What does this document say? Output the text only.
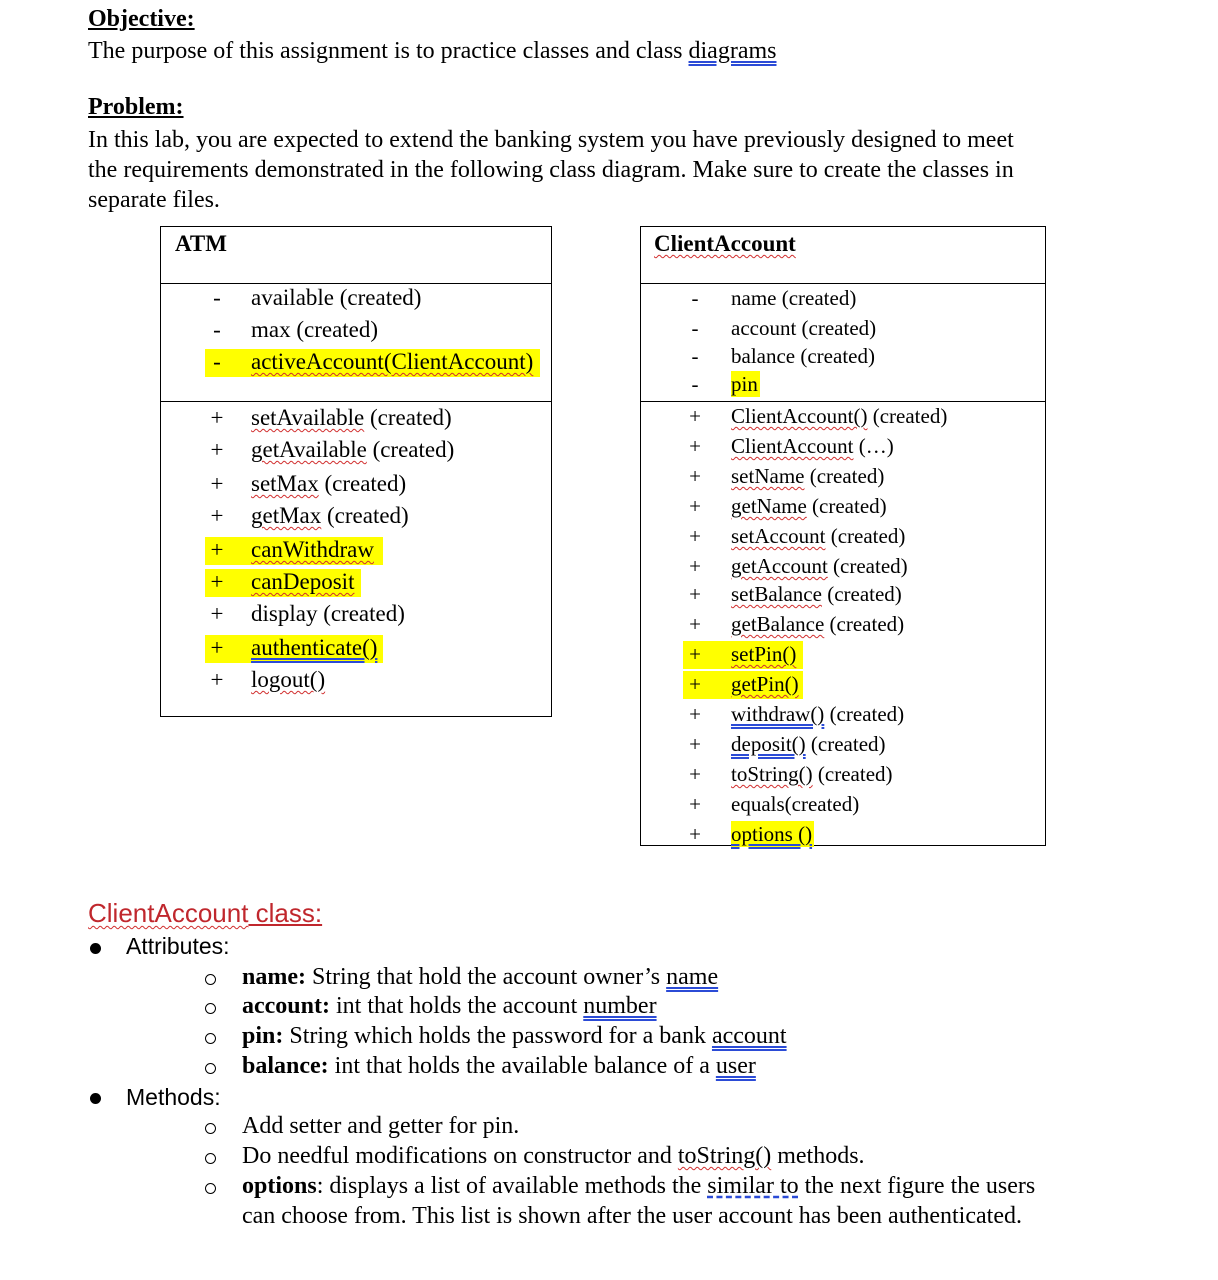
Objective:
The purpose of this assignment is to practice classes and class diagrams
Problem:
In this lab, you are expected to extend the banking system you have previously designed to meet
the requirements demonstrated in the following class diagram. Make sure to create the classes in
separate files.
ATM
-	available (created)
-	max (created)
-	activeAccount(ClientAccount)
+ setAvailable (created)
+ getAvailable (created)
+ setMax (created)
+ getMax (created)
+ canWithdraw
+ canDeposit
+ display (created)
+ authenticate()
+ logout()
ClientAccount
-	name (created)
-	account (created)
-	balance (created)
-	pin
+ ClientAccount() (created)
+ ClientAccount (…)
+ setName (created)
+ getName (created)
+ setAccount (created)
+ getAccount (created)
+ setBalance (created)
+ getBalance (created)
+ setPin()
+ getPin()
+ withdraw() (created)
+ deposit() (created)
+ toString() (created)
+ equals(created)
+ options ()
ClientAccount class:
Attributes:
name: String that hold the account owner’s name
account: int that holds the account number
pin: String which holds the password for a bank account
balance: int that holds the available balance of a user
Methods:
Add setter and getter for pin.
Do needful modifications on constructor and toString() methods.
options: displays a list of available methods the similar to the next figure the users
can choose from. This list is shown after the user account has been authenticated.
